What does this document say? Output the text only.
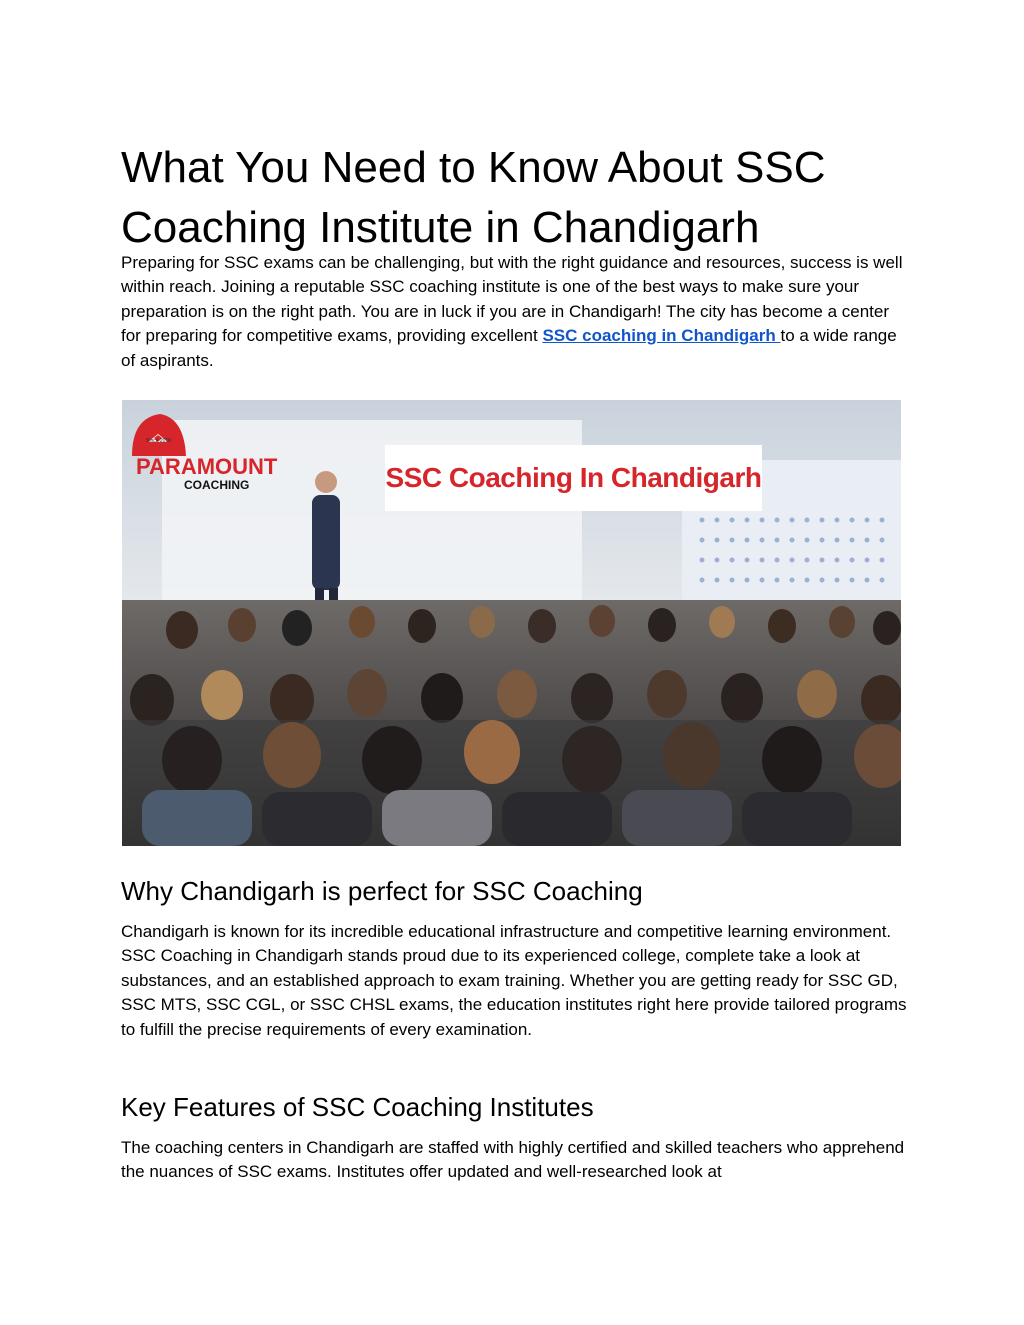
What You Need to Know About SSC Coaching Institute in Chandigarh

Preparing for SSC exams can be challenging, but with the right guidance and resources, success is well within reach. Joining a reputable SSC coaching institute is one of the best ways to make sure your preparation is on the right path. You are in luck if you are in Chandigarh! The city has become a center for preparing for competitive exams, providing excellent SSC coaching in Chandigarh to a wide range of aspirants.

SSC Coaching In Chandigarh
Since 2010
PARAMOUNT
COACHING
Why Chandigarh is perfect for SSC Coaching

Chandigarh is known for its incredible educational infrastructure and competitive learning environment. SSC Coaching in Chandigarh stands proud due to its experienced college, complete take a look at substances, and an established approach to exam training. Whether you are getting ready for SSC GD, SSC MTS, SSC CGL, or SSC CHSL exams, the education institutes right here provide tailored programs to fulfill the precise requirements of every examination.

Key Features of SSC Coaching Institutes

The coaching centers in Chandigarh are staffed with highly certified and skilled teachers who apprehend the nuances of SSC exams. Institutes offer updated and well-researched look at
